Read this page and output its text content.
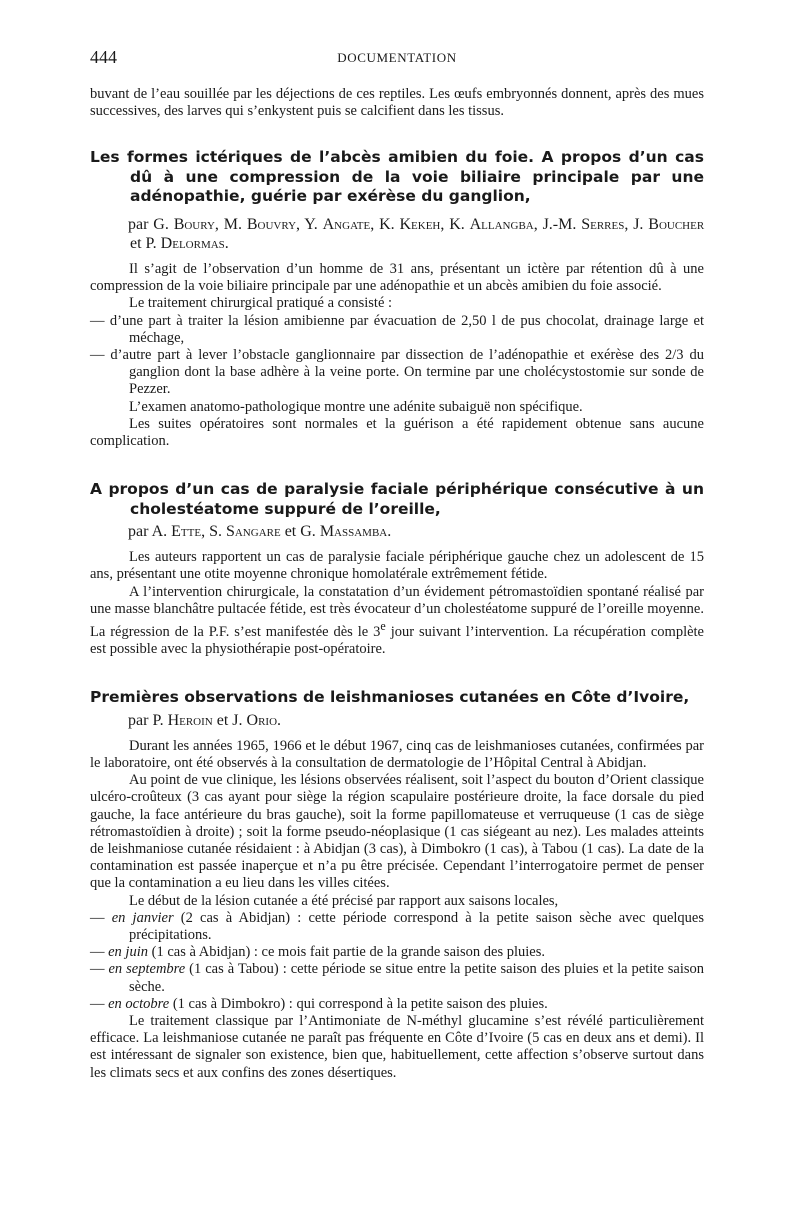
444	DOCUMENTATION

buvant de l’eau souillée par les déjections de ces reptiles. Les œufs embryonnés donnent, après des mues successives, des larves qui s’enkystent puis se calcifient dans les tissus.

Les formes ictériques de l’abcès amibien du foie. A propos d’un cas dû à une compression de la voie biliaire principale par une adénopathie, guérie par exérèse du ganglion,
par G. Boury, M. Bouvry, Y. Angate, K. Kekeh, K. Allangba, J.-M. Serres, J. Boucher et P. Delormas.

Il s’agit de l’observation d’un homme de 31 ans, présentant un ictère par rétention dû à une compression de la voie biliaire principale par une adénopathie et un abcès amibien du foie associé.

Le traitement chirurgical pratiqué a consisté :

— d’une part à traiter la lésion amibienne par évacuation de 2,50 l de pus chocolat, drainage large et méchage,

— d’autre part à lever l’obstacle ganglionnaire par dissection de l’adénopathie et exérèse des 2/3 du ganglion dont la base adhère à la veine porte. On termine par une cholécystostomie sur sonde de Pezzer.

L’examen anatomo-pathologique montre une adénite subaiguë non spécifique.

Les suites opératoires sont normales et la guérison a été rapidement obtenue sans aucune complication.

A propos d’un cas de paralysie faciale périphérique consécutive à un cholestéatome suppuré de l’oreille,
par A. Ette, S. Sangare et G. Massamba.

Les auteurs rapportent un cas de paralysie faciale périphérique gauche chez un adolescent de 15 ans, présentant une otite moyenne chronique homolatérale extrêmement fétide.

A l’intervention chirurgicale, la constatation d’un évidement pétromastoïdien spontané réalisé par une masse blanchâtre pultacée fétide, est très évocateur d’un cholestéatome suppuré de l’oreille moyenne. La régression de la P.F. s’est manifestée dès le 3e jour suivant l’intervention. La récupération complète est possible avec la physiothérapie post-opératoire.

Premières observations de leishmanioses cutanées en Côte d’Ivoire,
par P. Heroin et J. Orio.

Durant les années 1965, 1966 et le début 1967, cinq cas de leishmanioses cutanées, confirmées par le laboratoire, ont été observés à la consultation de dermatologie de l’Hôpital Central à Abidjan.

Au point de vue clinique, les lésions observées réalisent, soit l’aspect du bouton d’Orient classique ulcéro-croûteux (3 cas ayant pour siège la région scapulaire postérieure droite, la face dorsale du pied gauche, la face antérieure du bras gauche), soit la forme papillomateuse et verruqueuse (1 cas de siège rétromastoïdien à droite) ; soit la forme pseudo-néoplasique (1 cas siégeant au nez). Les malades atteints de leishmaniose cutanée résidaient : à Abidjan (3 cas), à Dimbokro (1 cas), à Tabou (1 cas). La date de la contamination est passée inaperçue et n’a pu être précisée. Cependant l’interrogatoire permet de penser que la contamination a eu lieu dans les villes citées.

Le début de la lésion cutanée a été précisé par rapport aux saisons locales,

— en janvier (2 cas à Abidjan) : cette période correspond à la petite saison sèche avec quelques précipitations.

— en juin (1 cas à Abidjan) : ce mois fait partie de la grande saison des pluies.

— en septembre (1 cas à Tabou) : cette période se situe entre la petite saison des pluies et la petite saison sèche.

— en octobre (1 cas à Dimbokro) : qui correspond à la petite saison des pluies.

Le traitement classique par l’Antimoniate de N-méthyl glucamine s’est révélé particulièrement efficace. La leishmaniose cutanée ne paraît pas fréquente en Côte d’Ivoire (5 cas en deux ans et demi). Il est intéressant de signaler son existence, bien que, habituellement, cette affection s’observe surtout dans les climats secs et aux confins des zones désertiques.
